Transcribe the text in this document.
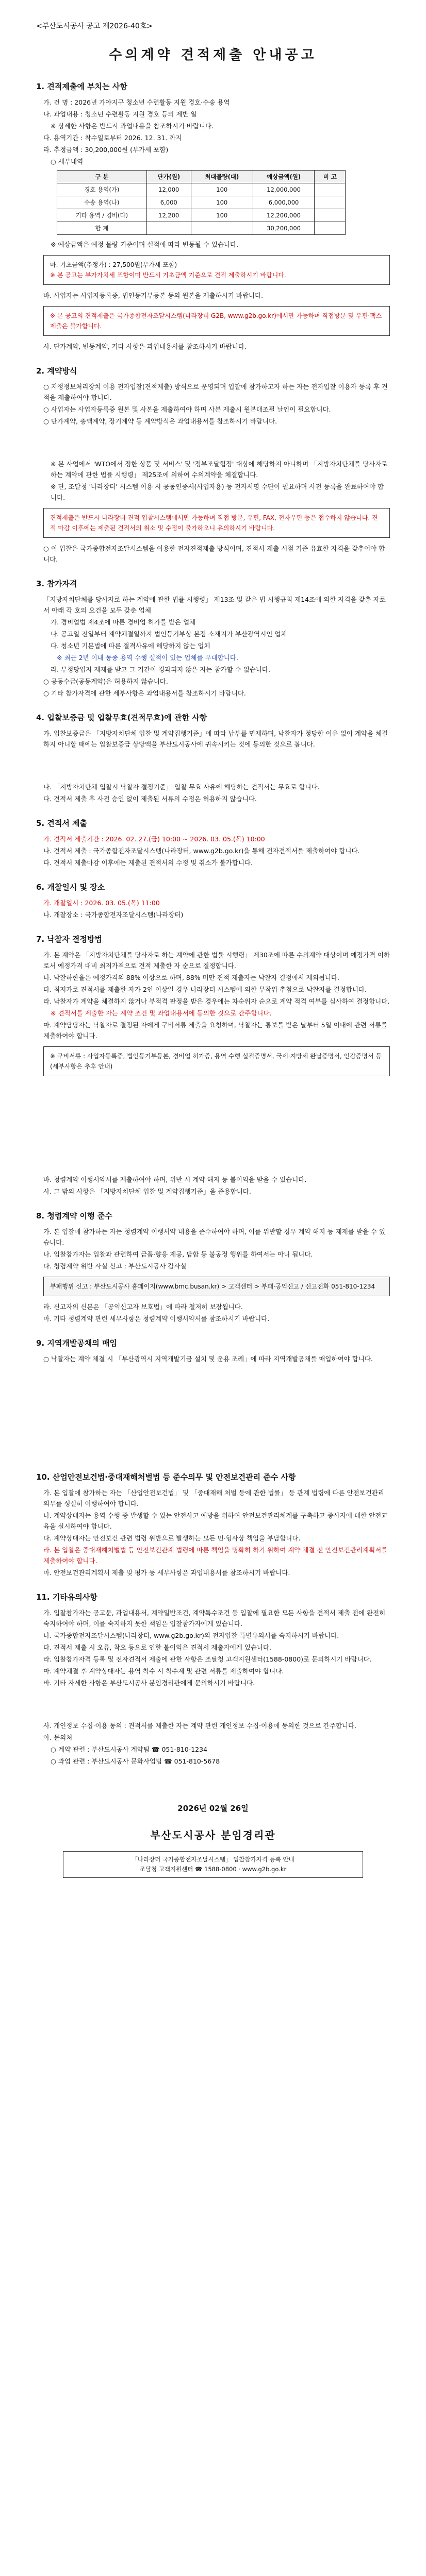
<부산도시공사 공고 제2026-40호>
수의계약 견적제출 안내공고
1. 견적제출에 부치는 사항
가. 건 명 : 2026년 가야지구 청소년 수련활동 지원 경호·수송 용역
나. 과업내용 : 청소년 수련활동 지원 경호 등의 제반 일
※ 상세한 사항은 반드시 과업내용을 참조하시기 바랍니다.
다. 용역기간 : 착수일로부터 2026. 12. 31. 까지
라. 추정금액 : 30,200,000원 (부가세 포함)
○ 세부내역
구 분	단가(원)	최대물량(대)	예상금액(원)	비 고
경호 용역(가)	12,000	100	12,000,000	
수송 용역(나)	6,000	100	6,000,000	
기타 용역 / 경비(다)	12,200	100	12,200,000	
합 계			30,200,000	
※ 예상금액은 예정 물량 기준이며 실적에 따라 변동될 수 있습니다.
마. 기초금액(추정가) : 27,500원(부가세 포함)
※ 본 공고는 부가가치세 포함이며 반드시 기초금액 기준으로 견적 제출하시기 바랍니다.
바. 사업자는 사업자등록증, 법인등기부등본 등의 원본을 제출하시기 바랍니다.
※ 본 공고의 견적제출은 국가종합전자조달시스템(나라장터 G2B, www.g2b.go.kr)에서만 가능하며 직접방문 및 우편·팩스 제출은 불가합니다.
사. 단가계약, 변동계약, 기타 사항은 과업내용서를 참조하시기 바랍니다.
2. 계약방식
○ 지정정보처리장치 이용 전자입찰(견적제출) 방식으로 운영되며 입찰에 참가하고자 하는 자는 전자입찰 이용자 등록 후 견적을 제출하여야 합니다.
○ 사업자는 사업자등록증 원본 및 사본을 제출하여야 하며 사본 제출시 원본대조필 날인이 필요합니다.
○ 단가계약, 총액계약, 장기계약 등 계약방식은 과업내용서를 참조하시기 바랍니다.
※ 본 사업에서 'WTO에서 정한 상품 및 서비스' 및 '정부조달협정' 대상에 해당하지 아니하며 「지방자치단체를 당사자로 하는 계약에 관한 법률 시행령」 제25조에 의하여 수의계약을 체결합니다.
※ 단, 조달청 '나라장터' 시스템 이용 시 공동인증서(사업자용) 등 전자서명 수단이 필요하며 사전 등록을 완료하여야 합니다.
견적제출은 반드시 나라장터 견적 입찰시스템에서만 가능하며 직접 방문, 우편, FAX, 전자우편 등은 접수하지 않습니다. 견적 마감 이후에는 제출된 견적서의 취소 및 수정이 불가하오니 유의하시기 바랍니다.
○ 이 입찰은 국가종합전자조달시스템을 이용한 전자견적제출 방식이며, 견적서 제출 시점 기준 유효한 자격을 갖추어야 합니다.
3. 참가자격
「지방자치단체를 당사자로 하는 계약에 관한 법률 시행령」 제13조 및 같은 법 시행규칙 제14조에 의한 자격을 갖춘 자로서 아래 각 호의 요건을 모두 갖춘 업체
가. 경비업법 제4조에 따른 경비업 허가를 받은 업체
나. 공고일 전일부터 계약체결일까지 법인등기부상 본점 소재지가 부산광역시인 업체
다. 청소년 기본법에 따른 결격사유에 해당하지 않는 업체
※ 최근 2년 이내 동종 용역 수행 실적이 있는 업체를 우대합니다.
라. 부정당업자 제재를 받고 그 기간이 경과되지 않은 자는 참가할 수 없습니다.
○ 공동수급(공동계약)은 허용하지 않습니다.
○ 기타 참가자격에 관한 세부사항은 과업내용서를 참조하시기 바랍니다.
4. 입찰보증금 및 입찰무효(견적무효)에 관한 사항
가. 입찰보증금은 「지방자치단체 입찰 및 계약집행기준」에 따라 납부를 면제하며, 낙찰자가 정당한 이유 없이 계약을 체결하지 아니할 때에는 입찰보증금 상당액을 부산도시공사에 귀속시키는 것에 동의한 것으로 봅니다.
나. 「지방자치단체 입찰시 낙찰자 결정기준」 입찰 무효 사유에 해당하는 견적서는 무효로 합니다.
다. 견적서 제출 후 사전 승인 없이 제출된 서류의 수정은 허용하지 않습니다.
5. 견적서 제출
가. 견적서 제출기간 : 2026. 02. 27.(금) 10:00 ~ 2026. 03. 05.(목) 10:00
나. 견적서 제출 : 국가종합전자조달시스템(나라장터, www.g2b.go.kr)을 통해 전자견적서를 제출하여야 합니다.
다. 견적서 제출마감 이후에는 제출된 견적서의 수정 및 취소가 불가합니다.
6. 개찰일시 및 장소
가. 개찰일시 : 2026. 03. 05.(목) 11:00
나. 개찰장소 : 국가종합전자조달시스템(나라장터)
7. 낙찰자 결정방법
가. 본 계약은 「지방자치단체를 당사자로 하는 계약에 관한 법률 시행령」 제30조에 따른 수의계약 대상이며 예정가격 이하로서 예정가격 대비 최저가격으로 견적 제출한 자 순으로 결정합니다.
나. 낙찰하한율은 예정가격의 88% 이상으로 하며, 88% 미만 견적 제출자는 낙찰자 결정에서 제외됩니다.
다. 최저가로 견적서를 제출한 자가 2인 이상일 경우 나라장터 시스템에 의한 무작위 추첨으로 낙찰자를 결정합니다.
라. 낙찰자가 계약을 체결하지 않거나 부적격 판정을 받은 경우에는 차순위자 순으로 계약 적격 여부를 심사하여 결정합니다.
※ 견적서를 제출한 자는 계약 조건 및 과업내용서에 동의한 것으로 간주합니다.
마. 계약담당자는 낙찰자로 결정된 자에게 구비서류 제출을 요청하며, 낙찰자는 통보를 받은 날부터 5일 이내에 관련 서류를 제출하여야 합니다.
※ 구비서류 : 사업자등록증, 법인등기부등본, 경비업 허가증, 용역 수행 실적증명서, 국세·지방세 완납증명서, 인감증명서 등 (세부사항은 추후 안내)
바. 청렴계약 이행서약서를 제출하여야 하며, 위반 시 계약 해지 등 불이익을 받을 수 있습니다.
사. 그 밖의 사항은 「지방자치단체 입찰 및 계약집행기준」을 준용합니다.
8. 청렴계약 이행 준수
가. 본 입찰에 참가하는 자는 청렴계약 이행서약 내용을 준수하여야 하며, 이를 위반할 경우 계약 해지 등 제재를 받을 수 있습니다.
나. 입찰참가자는 입찰과 관련하여 금품·향응 제공, 담합 등 불공정 행위를 하여서는 아니 됩니다.
다. 청렴계약 위반 사실 신고 : 부산도시공사 감사실
부패행위 신고 : 부산도시공사 홈페이지(www.bmc.busan.kr) > 고객센터 > 부패·공익신고 / 신고전화 051-810-1234
라. 신고자의 신분은 「공익신고자 보호법」에 따라 철저히 보장됩니다.
마. 기타 청렴계약 관련 세부사항은 청렴계약 이행서약서를 참조하시기 바랍니다.
9. 지역개발공채의 매입
○ 낙찰자는 계약 체결 시 「부산광역시 지역개발기금 설치 및 운용 조례」에 따라 지역개발공채를 매입하여야 합니다.
10. 산업안전보건법·중대재해처벌법 등 준수의무 및 안전보건관리 준수 사항
가. 본 입찰에 참가하는 자는 「산업안전보건법」 및 「중대재해 처벌 등에 관한 법률」 등 관계 법령에 따른 안전보건관리 의무를 성실히 이행하여야 합니다.
나. 계약상대자는 용역 수행 중 발생할 수 있는 안전사고 예방을 위하여 안전보건관리체계를 구축하고 종사자에 대한 안전교육을 실시하여야 합니다.
다. 계약상대자는 안전보건 관련 법령 위반으로 발생하는 모든 민·형사상 책임을 부담합니다.
라. 본 입찰은 중대재해처벌법 등 안전보건관계 법령에 따른 책임을 명확히 하기 위하여 계약 체결 전 안전보건관리계획서를 제출하여야 합니다.
마. 안전보건관리계획서 제출 및 평가 등 세부사항은 과업내용서를 참조하시기 바랍니다.
11. 기타유의사항
가. 입찰참가자는 공고문, 과업내용서, 계약일반조건, 계약특수조건 등 입찰에 필요한 모든 사항을 견적서 제출 전에 완전히 숙지하여야 하며, 이를 숙지하지 못한 책임은 입찰참가자에게 있습니다.
나. 국가종합전자조달시스템(나라장터, www.g2b.go.kr)의 전자입찰 특별유의서를 숙지하시기 바랍니다.
다. 견적서 제출 시 오류, 착오 등으로 인한 불이익은 견적서 제출자에게 있습니다.
라. 입찰참가자격 등록 및 전자견적서 제출에 관한 사항은 조달청 고객지원센터(1588-0800)로 문의하시기 바랍니다.
마. 계약체결 후 계약상대자는 용역 착수 시 착수계 및 관련 서류를 제출하여야 합니다.
바. 기타 자세한 사항은 부산도시공사 분임경리관에게 문의하시기 바랍니다.
사. 개인정보 수집·이용 동의 : 견적서를 제출한 자는 계약 관련 개인정보 수집·이용에 동의한 것으로 간주합니다.
아. 문의처
○ 계약 관련 : 부산도시공사 계약팀 ☎ 051-810-1234
○ 과업 관련 : 부산도시공사 문화사업팀 ☎ 051-810-5678
2026년 02월 26일
부산도시공사 분임경리관
「나라장터 국가종합전자조달시스템」 입찰참가자격 등록 안내
조달청 고객지원센터 ☎ 1588-0800 · www.g2b.go.kr
